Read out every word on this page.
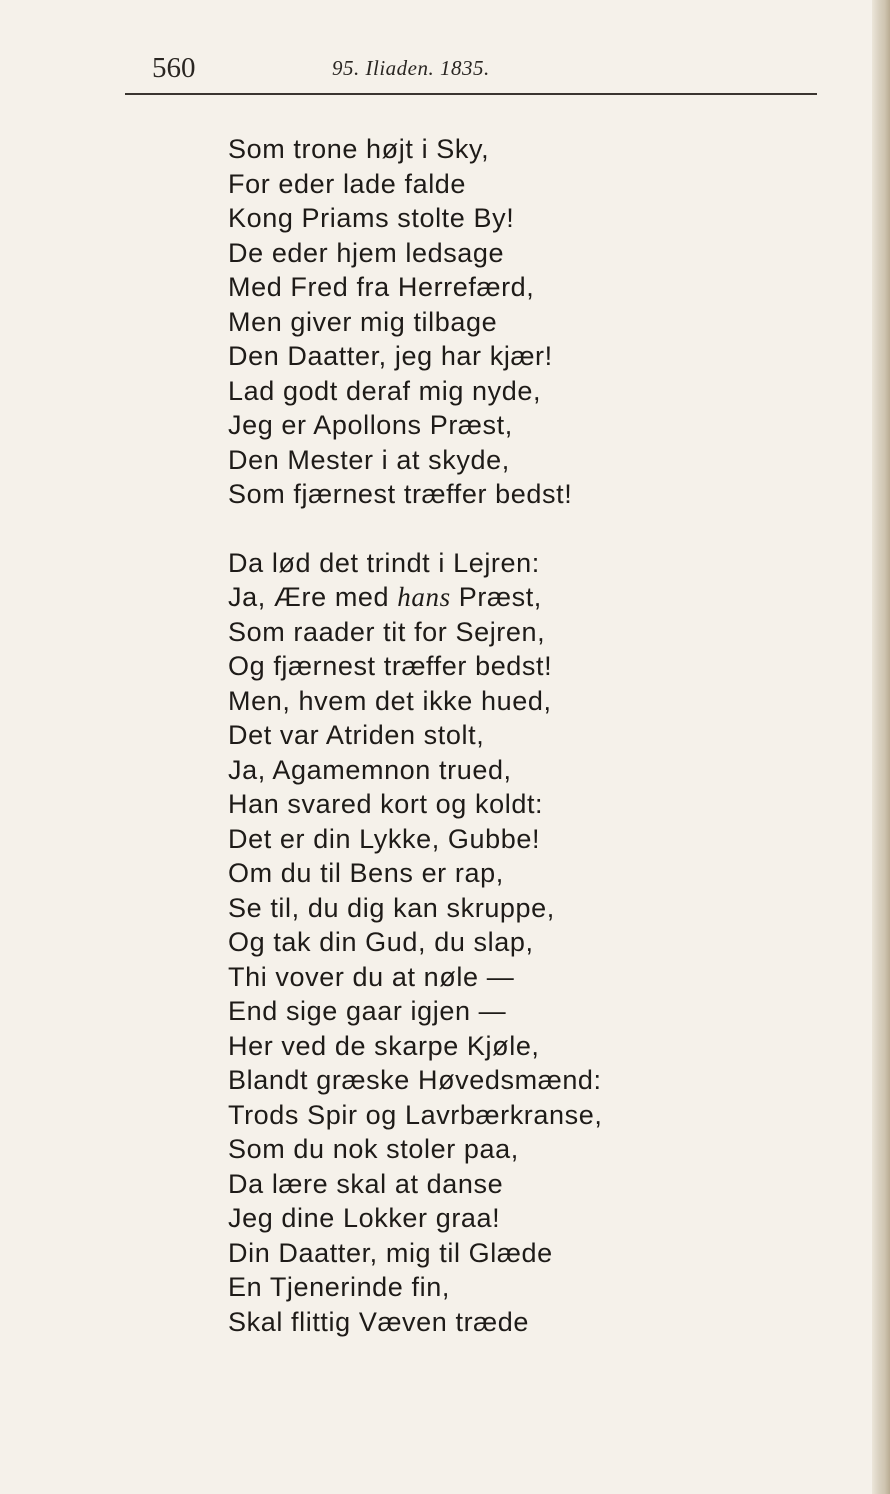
560	95. Iliaden. 1835.
Som trone højt i Sky,
For eder lade falde
Kong Priams stolte By!
De eder hjem ledsage
Med Fred fra Herrefærd,
Men giver mig tilbage
Den Daatter, jeg har kjær!
Lad godt deraf mig nyde,
Jeg er Apollons Præst,
Den Mester i at skyde,
Som fjærnest træffer bedst!
Da lød det trindt i Lejren:
Ja, Ære med hans Præst,
Som raader tit for Sejren,
Og fjærnest træffer bedst!
Men, hvem det ikke hued,
Det var Atriden stolt,
Ja, Agamemnon trued,
Han svared kort og koldt:
Det er din Lykke, Gubbe!
Om du til Bens er rap,
Se til, du dig kan skruppe,
Og tak din Gud, du slap,
Thi vover du at nøle —
End sige gaar igjen —
Her ved de skarpe Kjøle,
Blandt græske Høvedsmænd:
Trods Spir og Lavrbærkranse,
Som du nok stoler paa,
Da lære skal at danse
Jeg dine Lokker graa!
Din Daatter, mig til Glæde
En Tjenerinde fin,
Skal flittig Væven træde
